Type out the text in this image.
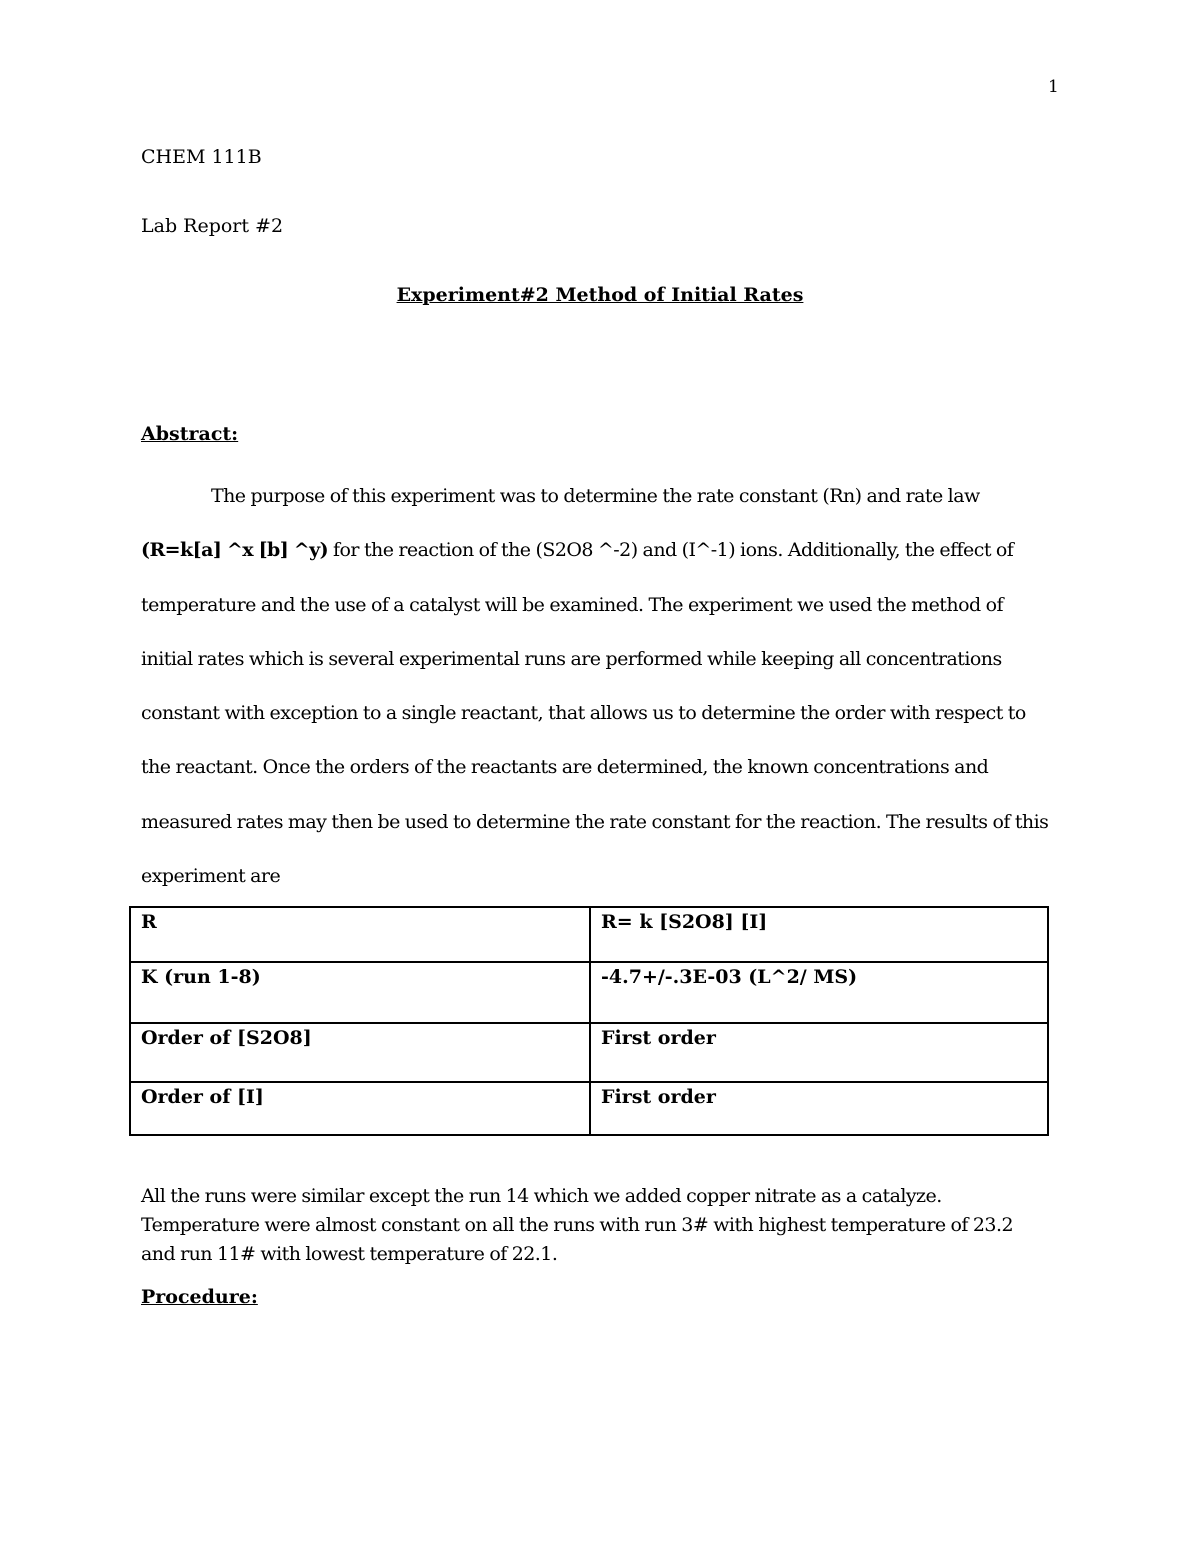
1
CHEM 111B
Lab Report #2
Experiment#2 Method of Initial Rates
Abstract:

The purpose of this experiment was to determine the rate constant (Rn) and rate law (R=k[a] ^x [b] ^y) for the reaction of the (S2O8 ^-2) and (I^-1) ions. Additionally, the effect of temperature and the use of a catalyst will be examined. The experiment we used the method of initial rates which is several experimental runs are performed while keeping all concentrations constant with exception to a single reactant, that allows us to determine the order with respect to the reactant. Once the orders of the reactants are determined, the known concentrations and measured rates may then be used to determine the rate constant for the reaction. The results of this experiment are

R	R= k [S2O8] [I]
K (run 1-8)	-4.7+/-.3E-03 (L^2/ MS)
Order of [S2O8]	First order
Order of [I]	First order
All the runs were similar except the run 14 which we added copper nitrate as a catalyze.
Temperature were almost constant on all the runs with run 3# with highest temperature of 23.2
and run 11# with lowest temperature of 22.1.
Procedure:
